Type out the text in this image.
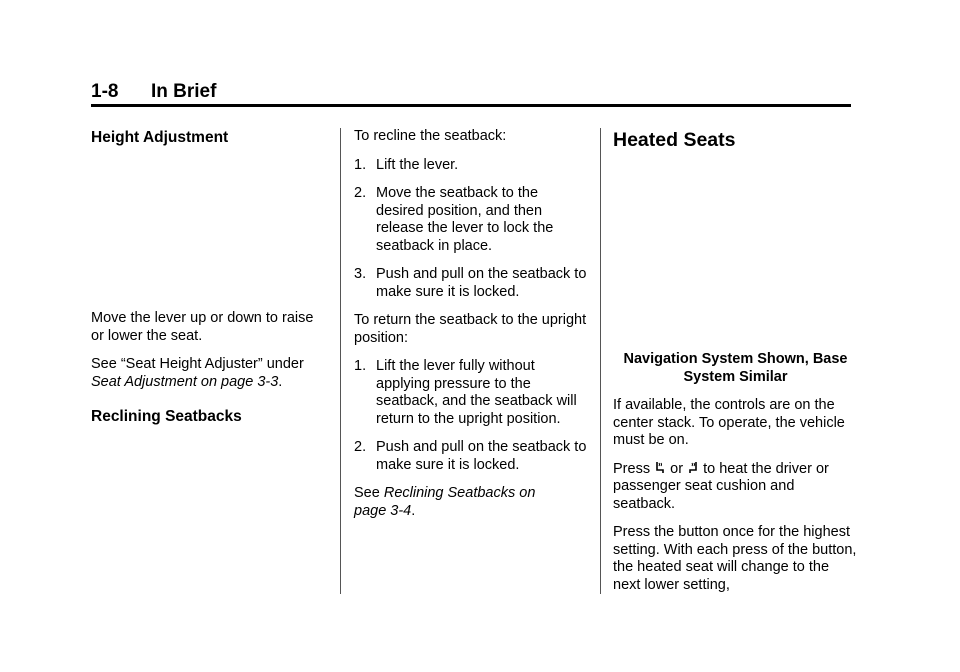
1-8 In Brief
Height Adjustment

Move the lever up or down to raise or lower the seat.

See “Seat Height Adjuster” under
Seat Adjustment on page 3-3.

Reclining Seatbacks

To recline the seatback:

1. Lift the lever.
2. Move the seatback to the desired position, and then release the lever to lock the seatback in place.
3. Push and pull on the seatback to make sure it is locked.

To return the seatback to the upright position:

1. Lift the lever fully without applying pressure to the seatback, and the seatback will return to the upright position.
2. Push and pull on the seatback to make sure it is locked.

See Reclining Seatbacks on
page 3-4.

Heated Seats

Navigation System Shown, Base System Similar

If available, the controls are on the center stack. To operate, the vehicle must be on.

Press or to heat the driver or passenger seat cushion and seatback.

Press the button once for the highest setting. With each press of the button, the heated seat will change to the next lower setting,
